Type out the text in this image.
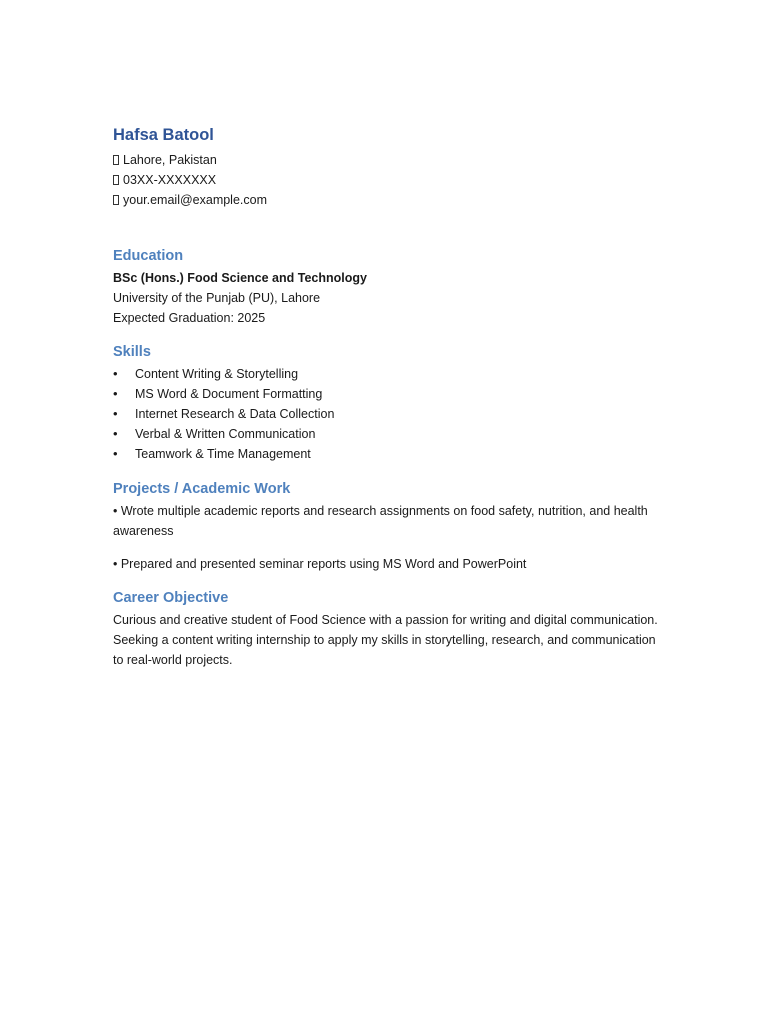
Hafsa Batool
Lahore, Pakistan
03XX-XXXXXXX
your.email@example.com
Education
BSc (Hons.) Food Science and Technology
University of the Punjab (PU), Lahore
Expected Graduation: 2025
Skills
• Content Writing & Storytelling
• MS Word & Document Formatting
• Internet Research & Data Collection
• Verbal & Written Communication
• Teamwork & Time Management
Projects / Academic Work

• Wrote multiple academic reports and research assignments on food safety, nutrition, and health awareness

• Prepared and presented seminar reports using MS Word and PowerPoint

Career Objective

Curious and creative student of Food Science with a passion for writing and digital communication. Seeking a content writing internship to apply my skills in storytelling, research, and communication to real-world projects.
